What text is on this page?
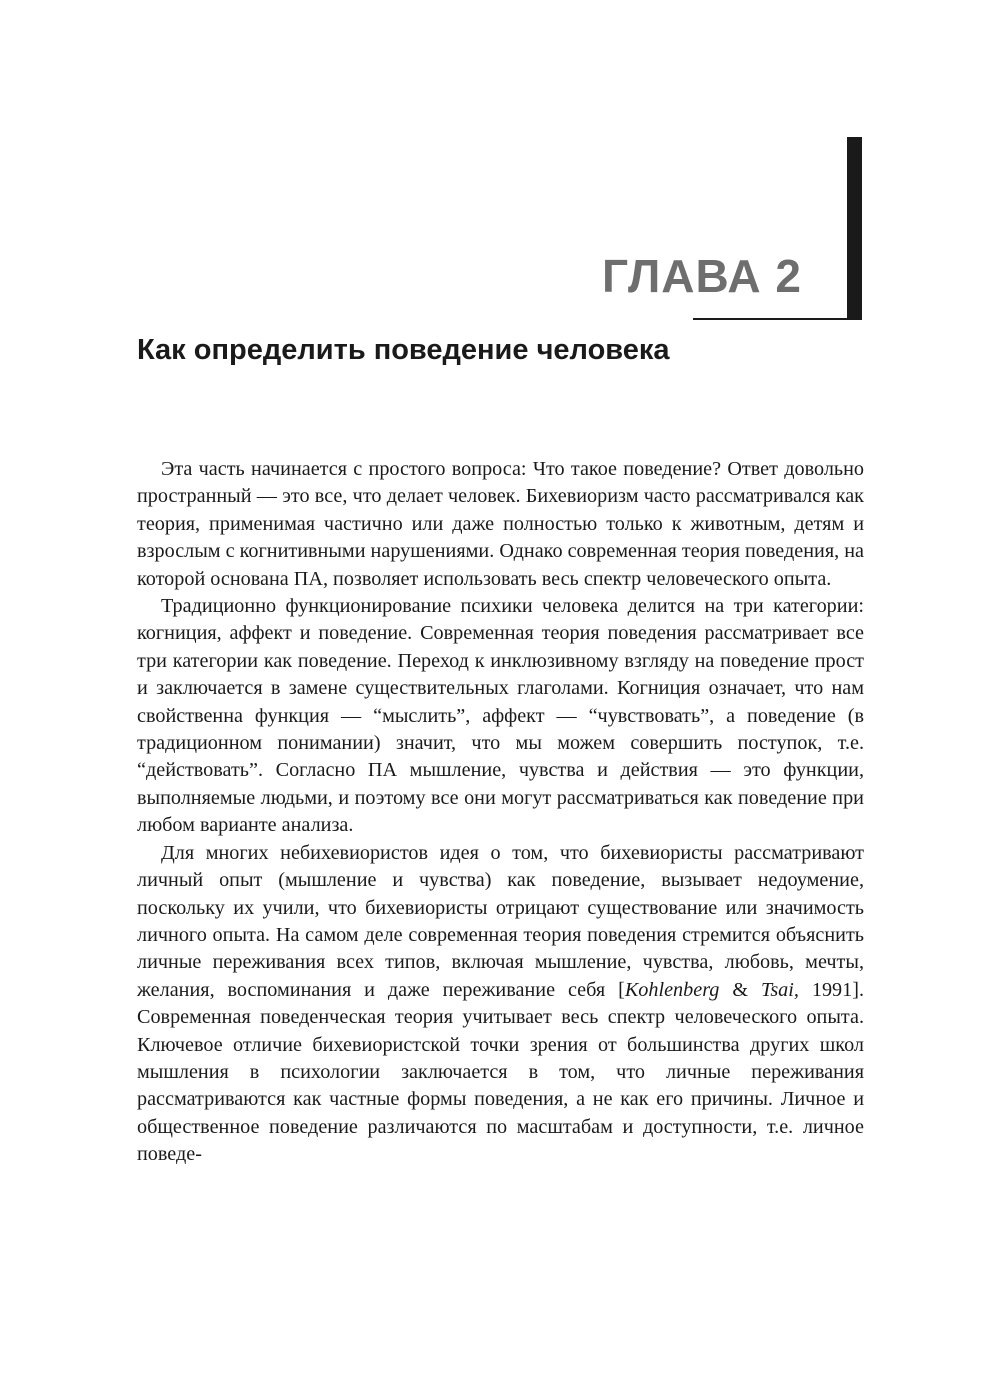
ГЛАВА 2
Как определить поведение человека

Эта часть начинается с простого вопроса: Что такое поведение? Ответ довольно пространный — это все, что делает человек. Бихевиоризм часто рассматривался как теория, применимая частично или даже полностью только к животным, детям и взрослым с когнитивными нарушениями. Однако современная теория поведения, на которой основана ПА, позволяет использовать весь спектр человеческого опыта.

Традиционно функционирование психики человека делится на три категории: когниция, аффект и поведение. Современная теория поведения рассматривает все три категории как поведение. Переход к инклюзивному взгляду на поведение прост и заключается в замене существительных глаголами. Когниция означает, что нам свойственна функция — “мыслить”, аффект — “чувствовать”, а поведение (в традиционном понимании) значит, что мы можем совершить поступок, т.е. “действовать”. Согласно ПА мышление, чувства и действия — это функции, выполняемые людьми, и поэтому все они могут рассматриваться как поведение при любом варианте анализа.

Для многих небихевиористов идея о том, что бихевиористы рассматривают личный опыт (мышление и чувства) как поведение, вызывает недоумение, поскольку их учили, что бихевиористы отрицают существование или значимость личного опыта. На самом деле современная теория поведения стремится объяснить личные переживания всех типов, включая мышление, чувства, любовь, мечты, желания, воспоминания и даже переживание себя [Kohlenberg & Tsai, 1991]. Современная поведенческая теория учитывает весь спектр человеческого опыта. Ключевое отличие бихевиористской точки зрения от большинства других школ мышления в психологии заключается в том, что личные переживания рассматриваются как частные формы поведения, а не как его причины. Личное и общественное поведение различаются по масштабам и доступности, т.е. личное поведе-
